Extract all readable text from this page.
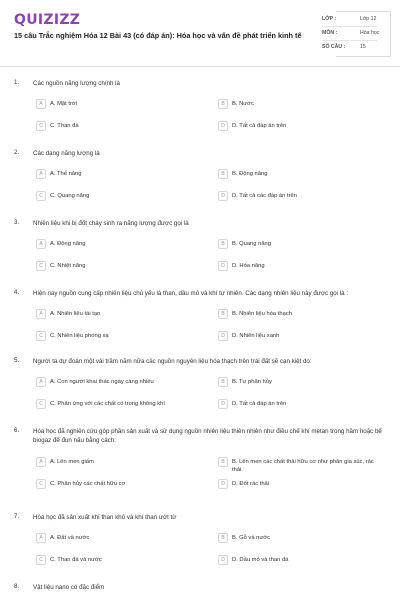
QUIZIZZ
15 câu Trắc nghiệm Hóa 12 Bài 43 (có đáp án): Hóa học và vấn đề phát triển kinh tế
LỚP :	Lớp 12
MÔN :	Hóa học
SỐ CÂU :	15
1. Các nguồn năng lượng chính là
A	A. Mặt trời	B	B. Nước
C	C. Than đá	D	D. Tất cả đáp án trên
2. Các dạng năng lượng là
A	A. Thế năng	B	B. Động năng
C	C. Quang năng	D	D. Tất cả các đáp án trên
3. Nhiên liệu khi bị đốt cháy sinh ra năng lượng được gọi là
A	A. Động năng	B	B. Quang năng
C	C. Nhiệt năng	D	D. Hóa năng
4. Hiện nay nguồn cung cấp nhiên liệu chủ yếu là than, dầu mỏ và khí tự nhiên. Các dạng nhiên liệu này được gọi là :
A	A. Nhiên liệu tái tạo	B	B. Nhiên liệu hóa thạch
C	C. Nhiên liệu phóng xạ	D	D. Nhiên liệu xanh
5. Người ta dự đoán một vài trăm năm nữa các nguồn nguyên liệu hóa thạch trên trái đất sẽ cạn kiệt do:
A	A. Con người khai thác ngày càng nhiều	B	B. Tự phân hủy
C	C. Phản ứng với các chất có trong không khí	D	D. Tất cả đáp án trên
6. Hóa học đã nghiên cứu góp phần sản xuất và sử dụng nguồn nhiên liệu thiên nhiên như điều chế khí metan trong hầm hoặc bể biogaz để đun nấu bằng cách:
A	A. Lên men giấm	B	B. Lên men các chất thải hữu cơ như phân gia súc, rác thải
C	C. Phân hủy các chất hữu cơ	D	D. Đốt rác thải
7. Hóa học đã sản xuất khí than khô và khí than ướt từ
A	A. Đất và nước	B	B. Gỗ và nước
C	C. Than đá và nước	D	D. Dầu mỏ và than đá
8. Vật liệu nano có đặc điểm
